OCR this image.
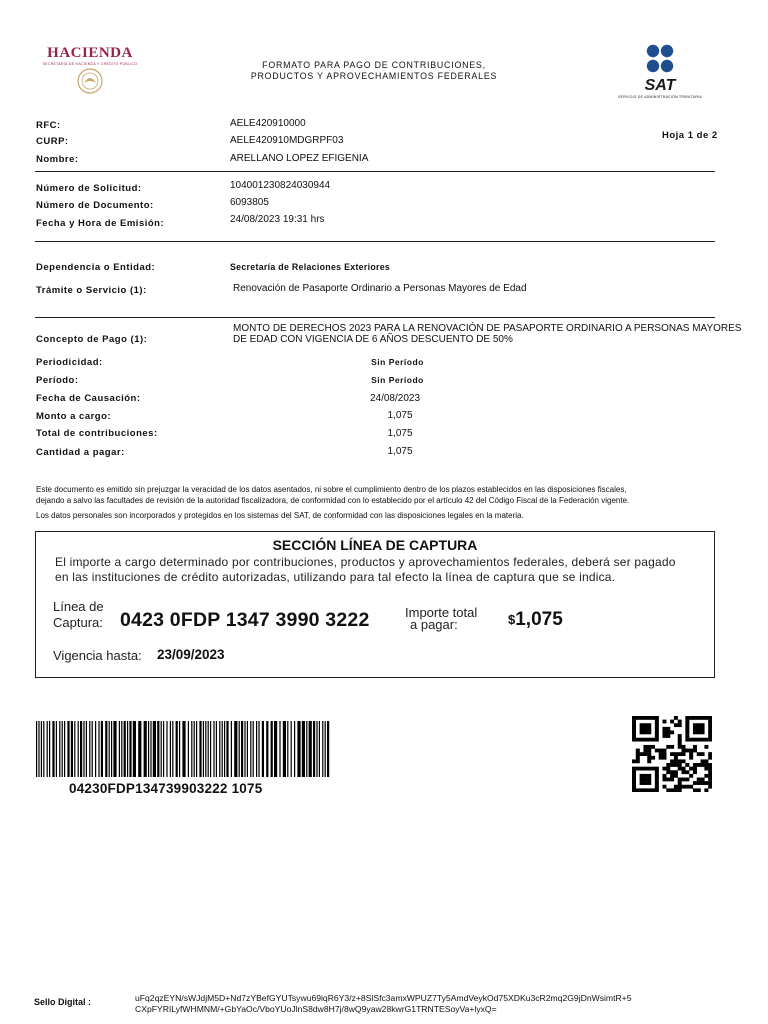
HACIENDA
SECRETARÍA DE HACIENDA Y CRÉDITO PÚBLICO	FORMATO PARA PAGO DE CONTRIBUCIONES,
PRODUCTOS Y APROVECHAMIENTOS FEDERALES
SAT
SERVICIO DE ADMINISTRACIÓN TRIBUTARIA
Hoja 1 de 2
RFC:	AELE420910000
CURP:	AELE420910MDGRPF03
Nombre:	ARELLANO LOPEZ EFIGENIA
Número de Solicitud:	104001230824030944
Número de Documento:	6093805
Fecha y Hora de Emisión:	24/08/2023 19:31 hrs
Dependencia o Entidad:	Secretaría de Relaciones Exteriores
Trámite o Servicio (1):	Renovación de Pasaporte Ordinario a Personas Mayores de Edad
Concepto de Pago (1):
MONTO DE DERECHOS 2023 PARA LA RENOVACIÓN DE PASAPORTE ORDINARIO A PERSONAS MAYORES
DE EDAD CON VIGENCIA DE 6 AÑOS DESCUENTO DE 50%
Periodicidad:	Sin Período
Período:	Sin Período
Fecha de Causación:	24/08/2023
Monto a cargo:	1,075
Total de contribuciones:	1,075
Cantidad a pagar:	1,075
Este documento es emitido sin prejuzgar la veracidad de los datos asentados, ni sobre el cumplimiento dentro de los plazos establecidos en las disposiciones fiscales,
dejando a salvo las facultades de revisión de la autoridad fiscalizadora, de conformidad con lo establecido por el artículo 42 del Código Fiscal de la Federación vigente.
Los datos personales son incorporados y protegidos en los sistemas del SAT, de conformidad con las disposiciones legales en la materia.
SECCIÓN LÍNEA DE CAPTURA
El importe a cargo determinado por contribuciones, productos y aprovechamientos federales, deberá ser pagado
en las instituciones de crédito autorizadas, utilizando para tal efecto la línea de captura que se indica.
Línea de
Captura: 0423 0FDP 1347 3990 3222	Importe total
a pagar:	$1,075
Vigencia hasta: 23/09/2023
04230FDP134739903222 1075
Sello Digital :	uFq2qzEYN/sWJdjM5D+Nd7zYBefGYUTsywu69iqR6Y3/z+8SlSfc3amxWPUZ7Ty5AmdVeykOd75XDKu3cR2mq2G9jDnWsimtR+5
CXpFYRILyfWHMNM/+GbYaOc/VboYUoJlnS8dw8H7j/8wQ9yaw28kwrG1TRNTESoyVa+lyxQ=
